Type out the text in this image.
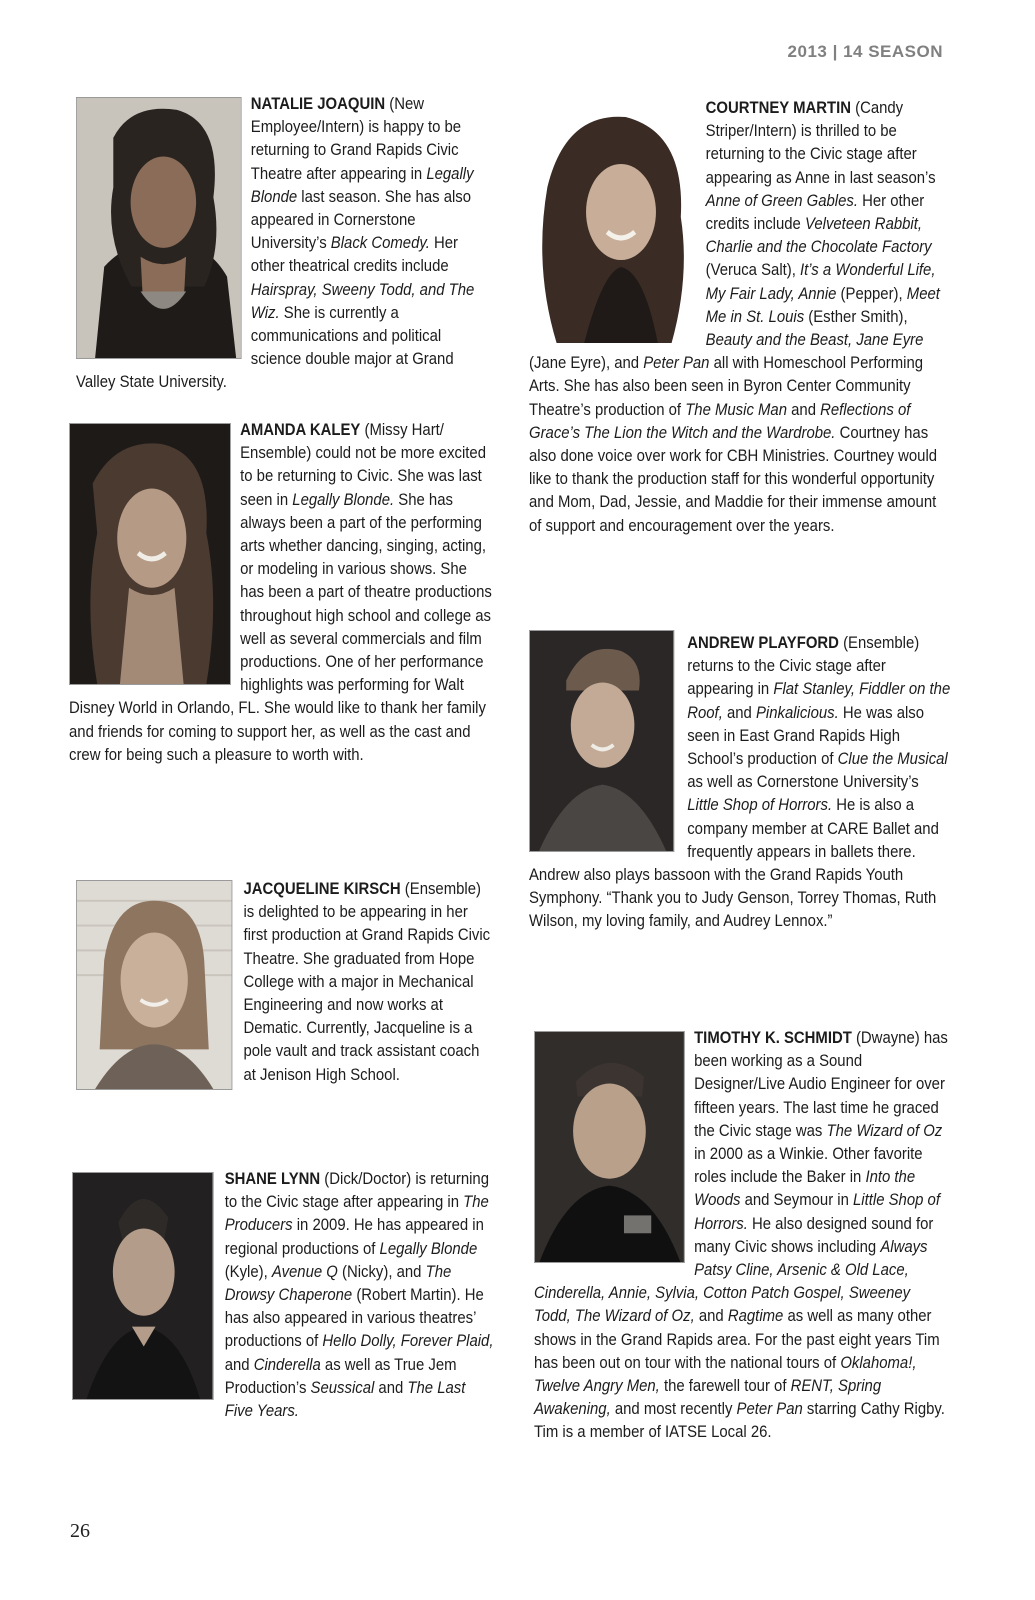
2013 | 14 SEASON
NATALIE JOAQUIN (New Employee/Intern) is happy to be returning to Grand Rapids Civic Theatre after appearing in Legally Blonde last season. She has also appeared in Cornerstone University’s Black Comedy. Her other theatrical credits include Hairspray, Sweeny Todd, and The Wiz. She is currently a communications and political science double major at Grand Valley State University.
AMANDA KALEY (Missy Hart/ Ensemble) could not be more excited to be returning to Civic. She was last seen in Legally Blonde. She has always been a part of the performing arts whether dancing, singing, acting, or modeling in various shows. She has been a part of theatre productions throughout high school and college as well as several commercials and film productions. One of her performance highlights was performing for Walt Disney World in Orlando, FL. She would like to thank her family and friends for coming to support her, as well as the cast and crew for being such a pleasure to worth with.
JACQUELINE KIRSCH (Ensemble) is delighted to be appearing in her first production at Grand Rapids Civic Theatre. She graduated from Hope College with a major in Mechanical Engineering and now works at Dematic. Currently, Jacqueline is a pole vault and track assistant coach at Jenison High School.
SHANE LYNN (Dick/Doctor) is returning to the Civic stage after appearing in The Producers in 2009. He has appeared in regional productions of Legally Blonde (Kyle), Avenue Q (Nicky), and The Drowsy Chaperone (Robert Martin). He has also appeared in various theatres’ productions of Hello Dolly, Forever Plaid, and Cinderella as well as True Jem Production’s Seussical and The Last Five Years.
COURTNEY MARTIN (Candy Striper/Intern) is thrilled to be returning to the Civic stage after appearing as Anne in last season’s Anne of Green Gables. Her other credits include Velveteen Rabbit, Charlie and the Chocolate Factory (Veruca Salt), It’s a Wonderful Life, My Fair Lady, Annie (Pepper), Meet Me in St. Louis (Esther Smith), Beauty and the Beast, Jane Eyre (Jane Eyre), and Peter Pan all with Homeschool Performing Arts. She has also been seen in Byron Center Community Theatre’s production of The Music Man and Reflections of Grace’s The Lion the Witch and the Wardrobe. Courtney has also done voice over work for CBH Ministries. Courtney would like to thank the production staff for this wonderful opportunity and Mom, Dad, Jessie, and Maddie for their immense amount of support and encouragement over the years.
ANDREW PLAYFORD (Ensemble) returns to the Civic stage after appearing in Flat Stanley, Fiddler on the Roof, and Pinkalicious. He was also seen in East Grand Rapids High School’s production of Clue the Musical as well as Cornerstone University’s Little Shop of Horrors. He is also a company member at CARE Ballet and frequently appears in ballets there. Andrew also plays bassoon with the Grand Rapids Youth Symphony. “Thank you to Judy Genson, Torrey Thomas, Ruth Wilson, my loving family, and Audrey Lennox.”
TIMOTHY K. SCHMIDT (Dwayne) has been working as a Sound Designer/Live Audio Engineer for over fifteen years. The last time he graced the Civic stage was The Wizard of Oz in 2000 as a Winkie. Other favorite roles include the Baker in Into the Woods and Seymour in Little Shop of Horrors. He also designed sound for many Civic shows including Always Patsy Cline, Arsenic & Old Lace, Cinderella, Annie, Sylvia, Cotton Patch Gospel, Sweeney Todd, The Wizard of Oz, and Ragtime as well as many other shows in the Grand Rapids area. For the past eight years Tim has been out on tour with the national tours of Oklahoma!, Twelve Angry Men, the farewell tour of RENT, Spring Awakening, and most recently Peter Pan starring Cathy Rigby. Tim is a member of IATSE Local 26.
26
